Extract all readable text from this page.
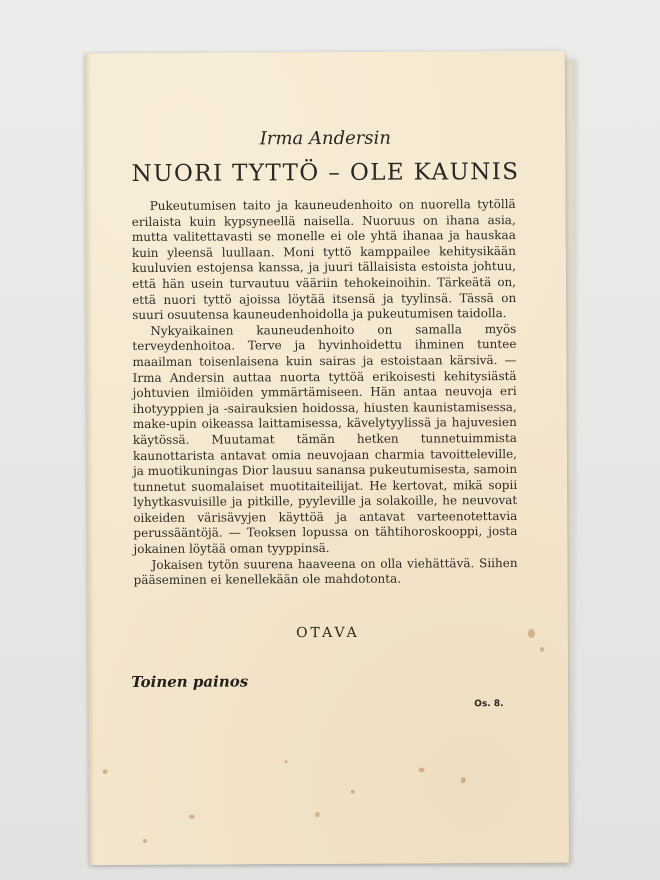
Irma Andersin

NUORI TYTTÖ – OLE KAUNIS

Pukeutumisen taito ja kauneudenhoito on nuorella tytöllä erilaista kuin kypsyneellä naisella. Nuoruus on ihana asia, mutta valitettavasti se monelle ei ole yhtä ihanaa ja hauskaa kuin yleensä luullaan. Moni tyttö kamppailee kehitysikään kuuluvien estojensa kanssa, ja juuri tällaisista estoista johtuu, että hän usein turvautuu vääriin tehokeinoihin. Tärkeätä on, että nuori tyttö ajoissa löytää itsensä ja tyylinsä. Tässä on suuri osuutensa kauneudenhoidolla ja pukeutumisen taidolla.

Nykyaikainen kauneudenhoito on samalla myös terveydenhoitoa. Terve ja hyvinhoidettu ihminen tuntee maailman toisenlaisena kuin sairas ja estoistaan kärsivä. — Irma Andersin auttaa nuorta tyttöä erikoisesti kehitysiästä johtuvien ilmiöiden ymmärtämiseen. Hän antaa neuvoja eri ihotyyppien ja -sairauksien hoidossa, hiusten kaunistamisessa, make-upin oikeassa laittamisessa, kävelytyylissä ja hajuvesien käytössä. Muutamat tämän hetken tunnetuimmista kaunottarista antavat omia neuvojaan charmia tavoitteleville, ja muotikuningas Dior lausuu sanansa pukeutumisesta, samoin tunnetut suomalaiset muotitaiteilijat. He kertovat, mikä sopii lyhytkasvuisille ja pitkille, pyyleville ja solakoille, he neuvovat oikeiden värisävyjen käyttöä ja antavat varteenotettavia perussääntöjä. — Teoksen lopussa on tähtihoroskooppi, josta jokainen löytää oman tyyppinsä.

Jokaisen tytön suurena haaveena on olla viehättävä. Siihen pääseminen ei kenellekään ole mahdotonta.

OTAVA
Toinen painos
Os. 8.
